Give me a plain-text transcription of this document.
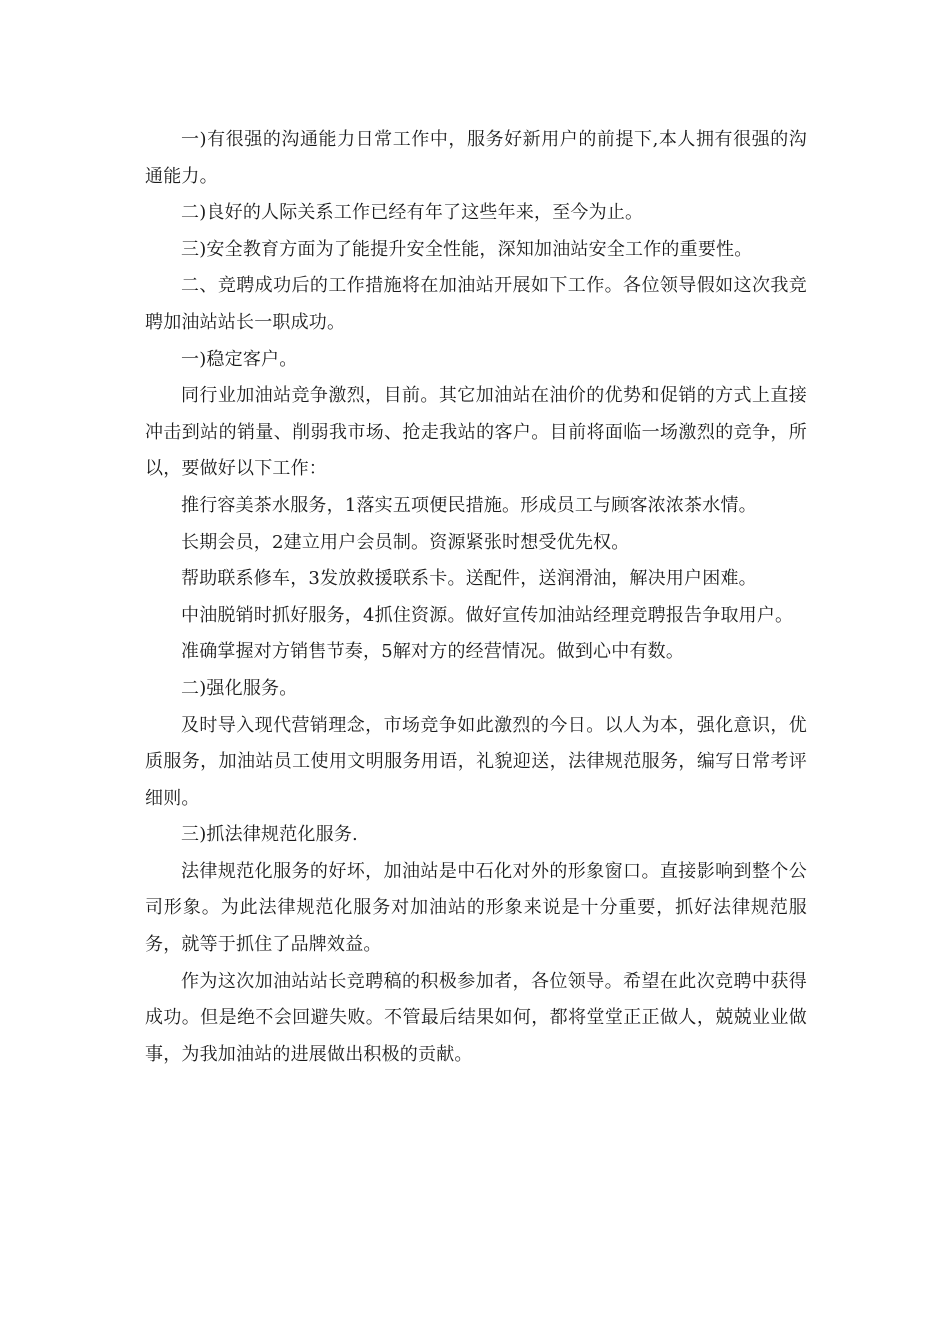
一)有很强的沟通能力日常工作中，服务好新用户的前提下,本人拥有很强的沟通能力。

二)良好的人际关系工作已经有年了这些年来，至今为止。

三)安全教育方面为了能提升安全性能，深知加油站安全工作的重要性。

二、竞聘成功后的工作措施将在加油站开展如下工作。各位领导假如这次我竞聘加油站站长一职成功。

一)稳定客户。

同行业加油站竞争激烈，目前。其它加油站在油价的优势和促销的方式上直接冲击到站的销量、削弱我市场、抢走我站的客户。目前将面临一场激烈的竞争，所以，要做好以下工作：

推行容美茶水服务，1落实五项便民措施。形成员工与顾客浓浓茶水情。

长期会员，2建立用户会员制。资源紧张时想受优先权。

帮助联系修车，3发放救援联系卡。送配件，送润滑油，解决用户困难。

中油脱销时抓好服务，4抓住资源。做好宣传加油站经理竞聘报告争取用户。

准确掌握对方销售节奏，5解对方的经营情况。做到心中有数。

二)强化服务。

及时导入现代营销理念，市场竞争如此激烈的今日。以人为本，强化意识，优质服务，加油站员工使用文明服务用语，礼貌迎送，法律规范服务，编写日常考评细则。

三)抓法律规范化服务.

法律规范化服务的好坏，加油站是中石化对外的形象窗口。直接影响到整个公司形象。为此法律规范化服务对加油站的形象来说是十分重要，抓好法律规范服务，就等于抓住了品牌效益。

作为这次加油站站长竞聘稿的积极参加者，各位领导。希望在此次竞聘中获得成功。但是绝不会回避失败。不管最后结果如何，都将堂堂正正做人，兢兢业业做事，为我加油站的进展做出积极的贡献。
